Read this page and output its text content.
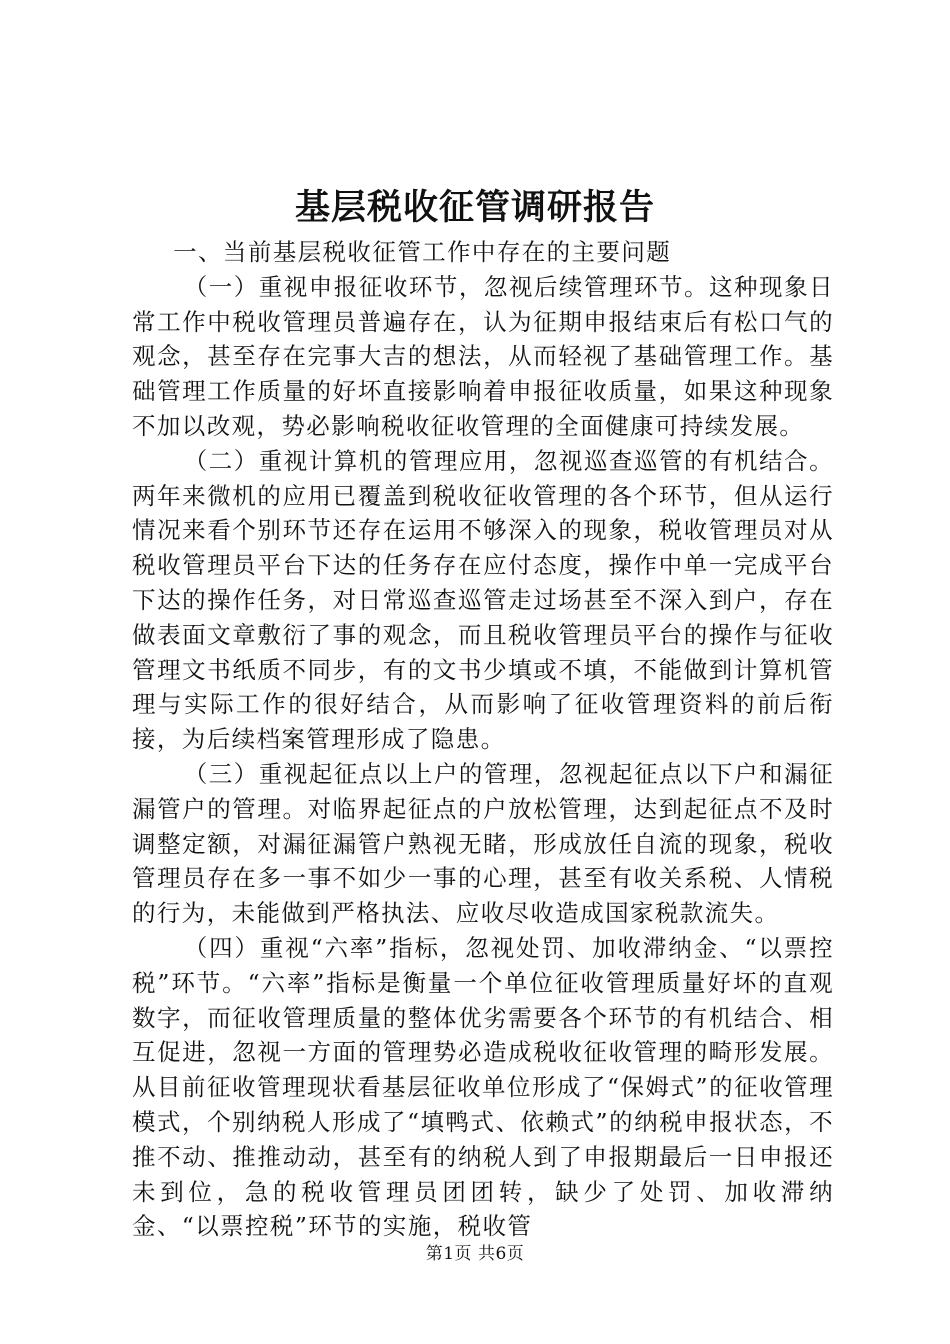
基层税收征管调研报告

一、当前基层税收征管工作中存在的主要问题

（一）重视申报征收环节，忽视后续管理环节。这种现象日常工作中税收管理员普遍存在，认为征期申报结束后有松口气的观念，甚至存在完事大吉的想法，从而轻视了基础管理工作。基础管理工作质量的好坏直接影响着申报征收质量，如果这种现象不加以改观，势必影响税收征收管理的全面健康可持续发展。

（二）重视计算机的管理应用，忽视巡查巡管的有机结合。两年来微机的应用已覆盖到税收征收管理的各个环节，但从运行情况来看个别环节还存在运用不够深入的现象，税收管理员对从税收管理员平台下达的任务存在应付态度，操作中单一完成平台下达的操作任务，对日常巡查巡管走过场甚至不深入到户，存在做表面文章敷衍了事的观念，而且税收管理员平台的操作与征收管理文书纸质不同步，有的文书少填或不填，不能做到计算机管理与实际工作的很好结合，从而影响了征收管理资料的前后衔接，为后续档案管理形成了隐患。

（三）重视起征点以上户的管理，忽视起征点以下户和漏征漏管户的管理。对临界起征点的户放松管理，达到起征点不及时调整定额，对漏征漏管户熟视无睹，形成放任自流的现象，税收管理员存在多一事不如少一事的心理，甚至有收关系税、人情税的行为，未能做到严格执法、应收尽收造成国家税款流失。

（四）重视“六率”指标，忽视处罚、加收滞纳金、“以票控税”环节。“六率”指标是衡量一个单位征收管理质量好坏的直观数字，而征收管理质量的整体优劣需要各个环节的有机结合、相互促进，忽视一方面的管理势必造成税收征收管理的畸形发展。从目前征收管理现状看基层征收单位形成了“保姆式”的征收管理模式，个别纳税人形成了“填鸭式、依赖式”的纳税申报状态，不推不动、推推动动，甚至有的纳税人到了申报期最后一日申报还未到位，急的税收管理员团团转，缺少了处罚、加收滞纳金、“以票控税”环节的实施，税收管

第1页 共6页
